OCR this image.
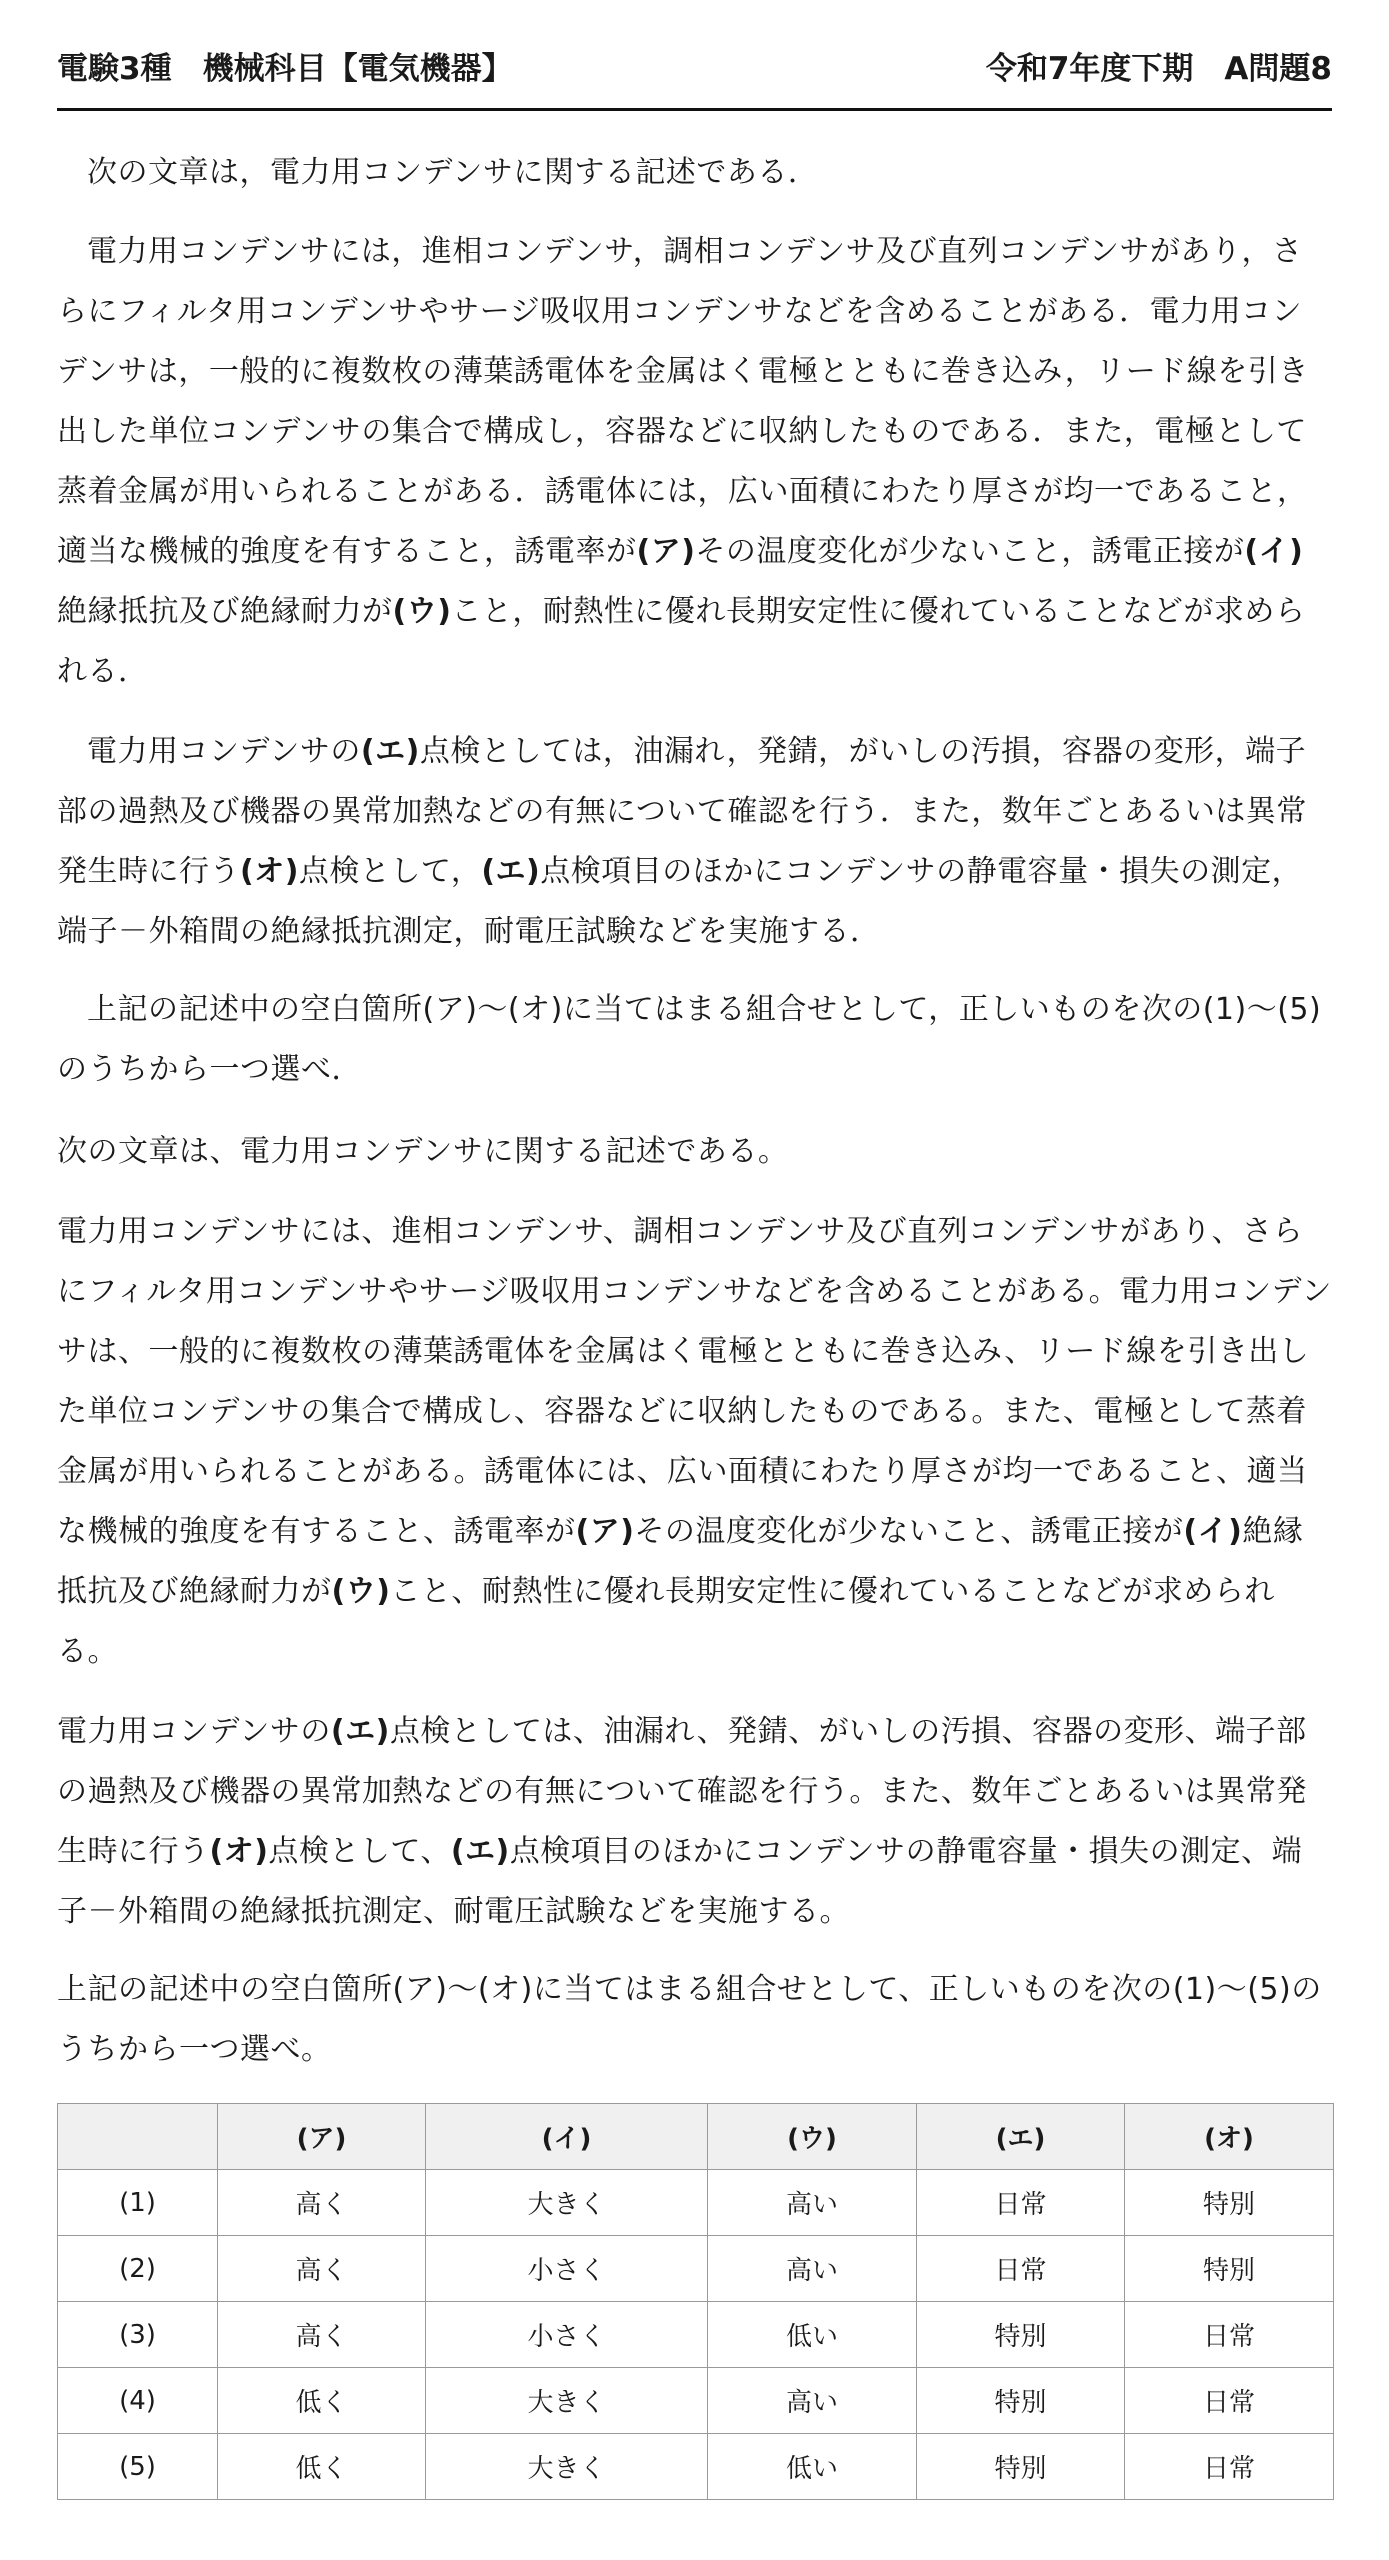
電験3種　機械科目【電気機器】	令和7年度下期　A問題8

次の文章は，電力用コンデンサに関する記述である．

電力用コンデンサには，進相コンデンサ，調相コンデンサ及び直列コンデンサがあり，さらにフィルタ用コンデンサやサージ吸収用コンデンサなどを含めることがある．電力用コンデンサは，一般的に複数枚の薄葉誘電体を金属はく電極とともに巻き込み，リード線を引き出した単位コンデンサの集合で構成し，容器などに収納したものである．また，電極として蒸着金属が用いられることがある．誘電体には，広い面積にわたり厚さが均一であること，適当な機械的強度を有すること，誘電率が(ア)その温度変化が少ないこと，誘電正接が(イ)絶縁抵抗及び絶縁耐力が(ウ)こと，耐熱性に優れ長期安定性に優れていることなどが求められる．

電力用コンデンサの(エ)点検としては，油漏れ，発錆，がいしの汚損，容器の変形，端子部の過熱及び機器の異常加熱などの有無について確認を行う．また，数年ごとあるいは異常発生時に行う(オ)点検として，(エ)点検項目のほかにコンデンサの静電容量・損失の測定，端子－外箱間の絶縁抵抗測定，耐電圧試験などを実施する．

上記の記述中の空白箇所(ア)～(オ)に当てはまる組合せとして，正しいものを次の(1)～(5)のうちから一つ選べ．

次の文章は、電力用コンデンサに関する記述である。

電力用コンデンサには、進相コンデンサ、調相コンデンサ及び直列コンデンサがあり、さらにフィルタ用コンデンサやサージ吸収用コンデンサなどを含めることがある。電力用コンデンサは、一般的に複数枚の薄葉誘電体を金属はく電極とともに巻き込み、リード線を引き出した単位コンデンサの集合で構成し、容器などに収納したものである。また、電極として蒸着金属が用いられることがある。誘電体には、広い面積にわたり厚さが均一であること、適当な機械的強度を有すること、誘電率が(ア)その温度変化が少ないこと、誘電正接が(イ)絶縁抵抗及び絶縁耐力が(ウ)こと、耐熱性に優れ長期安定性に優れていることなどが求められる。

電力用コンデンサの(エ)点検としては、油漏れ、発錆、がいしの汚損、容器の変形、端子部の過熱及び機器の異常加熱などの有無について確認を行う。また、数年ごとあるいは異常発生時に行う(オ)点検として、(エ)点検項目のほかにコンデンサの静電容量・損失の測定、端子－外箱間の絶縁抵抗測定、耐電圧試験などを実施する。

上記の記述中の空白箇所(ア)～(オ)に当てはまる組合せとして、正しいものを次の(1)～(5)のうちから一つ選べ。

	(ア)	(イ)	(ウ)	(エ)	(オ)
(1)	高く	大きく	高い	日常	特別
(2)	高く	小さく	高い	日常	特別
(3)	高く	小さく	低い	特別	日常
(4)	低く	大きく	高い	特別	日常
(5)	低く	大きく	低い	特別	日常
